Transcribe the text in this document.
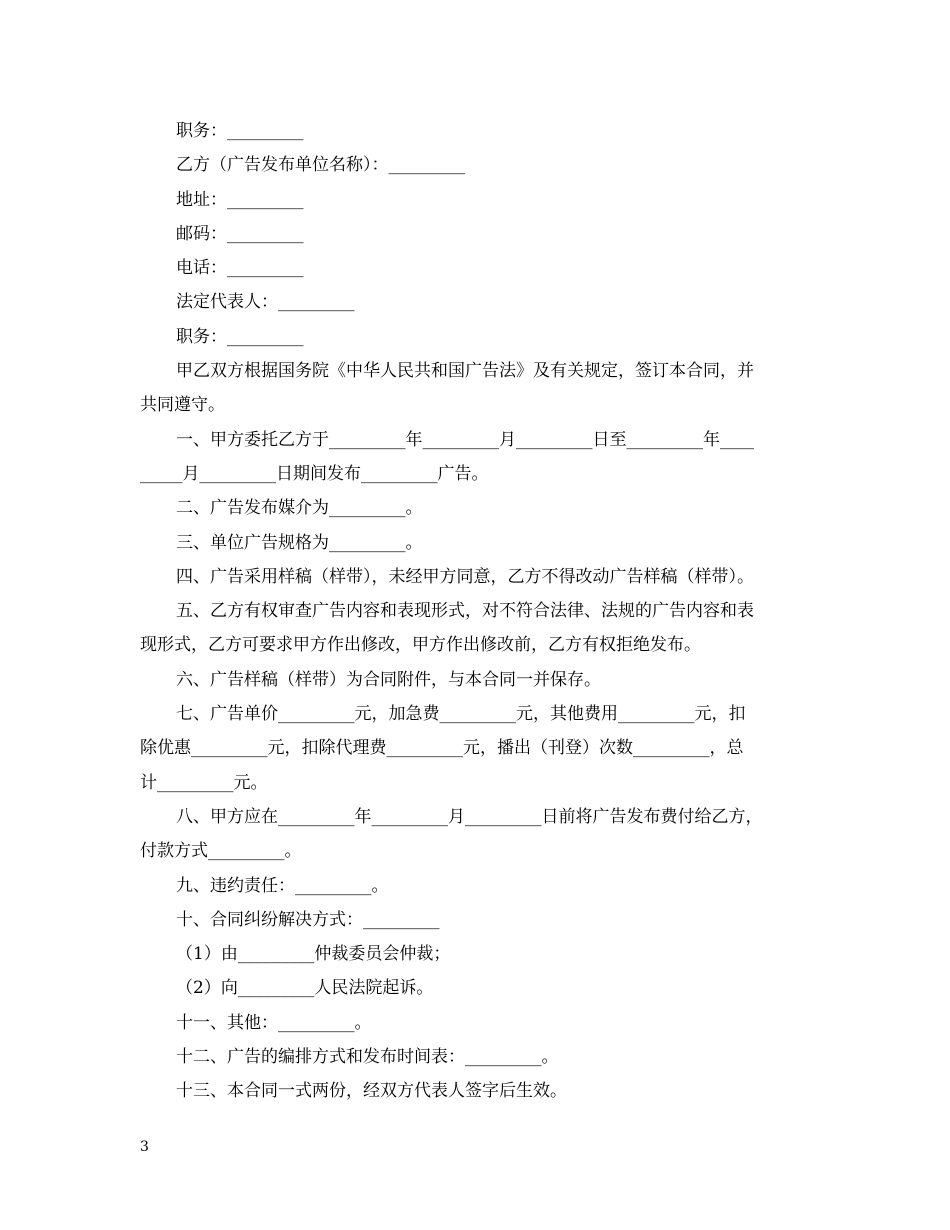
职务：_________
乙方（广告发布单位名称）：_________
地址：_________
邮码：_________
电话：_________
法定代表人：_________
职务：_________
甲乙双方根据国务院《中华人民共和国广告法》及有关规定，签订本合同，并
共同遵守。
一、甲方委托乙方于_________年_________月_________日至_________年____
_____月_________日期间发布_________广告。
二、广告发布媒介为_________。
三、单位广告规格为_________。
四、广告采用样稿（样带），未经甲方同意，乙方不得改动广告样稿（样带）。
五、乙方有权审查广告内容和表现形式，对不符合法律、法规的广告内容和表
现形式，乙方可要求甲方作出修改，甲方作出修改前，乙方有权拒绝发布。
六、广告样稿（样带）为合同附件，与本合同一并保存。
七、广告单价_________元，加急费_________元，其他费用_________元，扣
除优惠_________元，扣除代理费_________元，播出（刊登）次数_________，总
计_________元。
八、甲方应在_________年_________月_________日前将广告发布费付给乙方，
付款方式_________。
九、违约责任：_________。
十、合同纠纷解决方式：_________
（1）由_________仲裁委员会仲裁；
（2）向_________人民法院起诉。
十一、其他：_________。
十二、广告的编排方式和发布时间表：_________。
十三、本合同一式两份，经双方代表人签字后生效。
3
